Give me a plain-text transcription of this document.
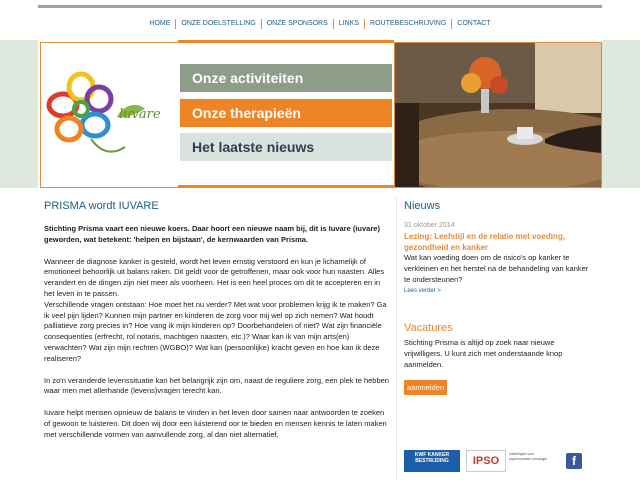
HOME	ONZE DOELSTELLING	ONZE SPONSORS	LINKS	ROUTEBESCHRIJVING	CONTACT
luvare
Onze activiteiten
Onze therapieën
Het laatste nieuws
PRISMA wordt IUVARE

Stichting Prisma vaart een nieuwe koers. Daar hoort een nieuwe naam bij, dit is Iuvare (iuvare) geworden, wat betekent: 'helpen en bijstaan', de kernwaarden van Prisma.

Wanneer de diagnose kanker is gesteld, wordt het leven ernstig verstoord en kun je lichamelijk of emotioneel behoorlijk uit balans raken. Dit geldt voor de getroffenen, maar ook voor hun naasten. Alles verandert en de dingen zijn niet meer als voorheen. Het is een heel proces om dit te accepteren en in het leven in te passen.

Verschillende vragen ontstaan: Hoe moet het nu verder? Met wat voor problemen krijg ik te maken? Ga ik veel pijn lijden? Kunnen mijn partner en kinderen de zorg voor mij wel op zich nemen? Wat houdt palliatieve zorg precies in? Hoe vang ik mijn kinderen op? Doorbehandelen of niet? Wat zijn financiële consequenties (erfrecht, rol notaris, machtigen naasten, etc.)? Waar kan ik van mijn arts(en) verwachten? Wat zijn mijn rechten (WGBO)? Wat kan (persoonlijke) kracht geven en hoe kan ik deze realiseren?

In zo'n veranderde levenssituatie kan het belangrijk zijn om, naast de reguliere zorg, een plek te hebben waar men met allerhande (levens)vragen terecht kan.

Iuvare helpt mensen opnieuw de balans te vinden in het leven door samen naar antwoorden te zoeken of gewoon te luisteren. Dit doen wij door een luisterend oor te bieden en mensen kennis te laten maken met verschillende vormen van aanvullende zorg, al dan niet alternatief,

Nieuws
31 oktober 2014
Lezing: Leefstijl en de relatie met voeding, gezondheid en kanker

Wat kan voeding doen om de risico's op kanker te verkleinen en het herstel na de behandeling van kanker te ondersteunen?

Lees verder >
Vacatures

Stichting Prisma is altijd op zoek naar nieuwe vrijwilligers. U kunt zich met onderstaande knop aanmelden.

aanmelden
KWF KANKER BESTRIJDING	IPSO
instellingen voor psychosociale oncologie	f
